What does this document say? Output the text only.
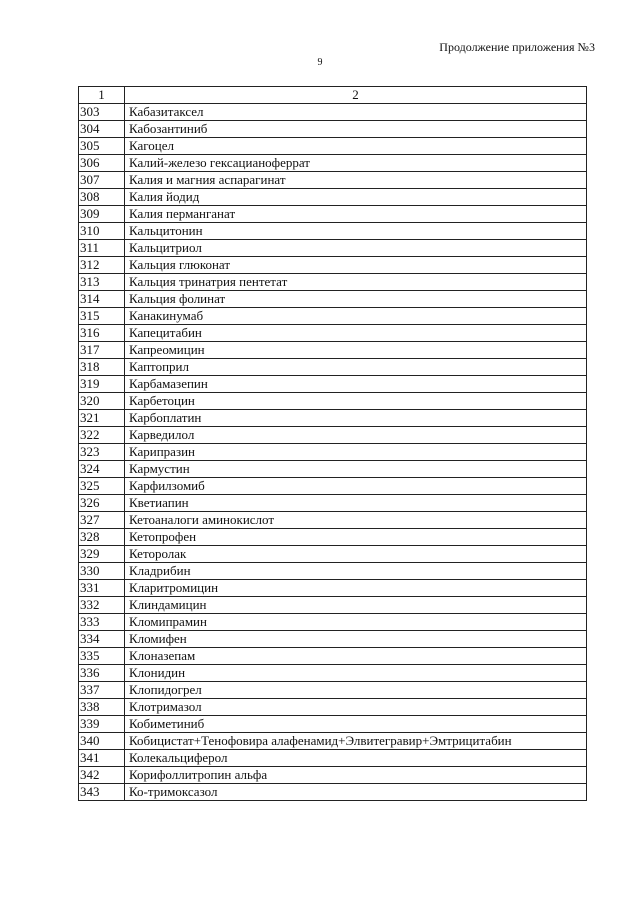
Продолжение приложения №3
9
1	2
303	Кабазитаксел
304	Кабозантиниб
305	Кагоцел
306	Калий-железо гексацианоферрат
307	Калия и магния аспарагинат
308	Калия йодид
309	Калия перманганат
310	Кальцитонин
311	Кальцитриол
312	Кальция глюконат
313	Кальция тринатрия пентетат
314	Кальция фолинат
315	Канакинумаб
316	Капецитабин
317	Капреомицин
318	Каптоприл
319	Карбамазепин
320	Карбетоцин
321	Карбоплатин
322	Карведилол
323	Карипразин
324	Кармустин
325	Карфилзомиб
326	Кветиапин
327	Кетоаналоги аминокислот
328	Кетопрофен
329	Кеторолак
330	Кладрибин
331	Кларитромицин
332	Клиндамицин
333	Кломипрамин
334	Кломифен
335	Клоназепам
336	Клонидин
337	Клопидогрел
338	Клотримазол
339	Кобиметиниб
340	Кобицистат+Тенофовира алафенамид+Элвитегравир+Эмтрицитабин
341	Колекальциферол
342	Корифоллитропин альфа
343	Ко-тримоксазол
